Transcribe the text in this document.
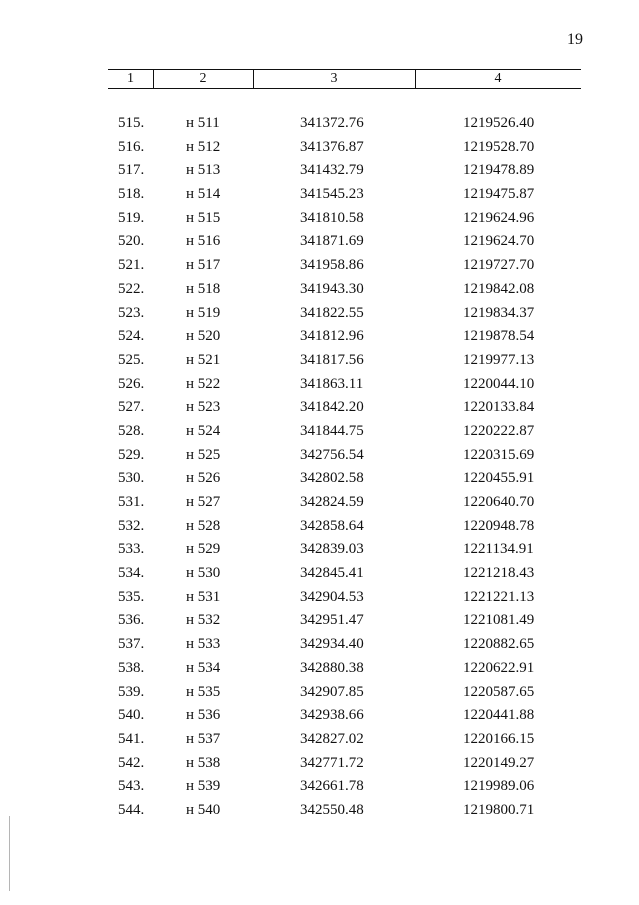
19
1	2	3	4
515.	н 511	341372.76	1219526.40
516.	н 512	341376.87	1219528.70
517.	н 513	341432.79	1219478.89
518.	н 514	341545.23	1219475.87
519.	н 515	341810.58	1219624.96
520.	н 516	341871.69	1219624.70
521.	н 517	341958.86	1219727.70
522.	н 518	341943.30	1219842.08
523.	н 519	341822.55	1219834.37
524.	н 520	341812.96	1219878.54
525.	н 521	341817.56	1219977.13
526.	н 522	341863.11	1220044.10
527.	н 523	341842.20	1220133.84
528.	н 524	341844.75	1220222.87
529.	н 525	342756.54	1220315.69
530.	н 526	342802.58	1220455.91
531.	н 527	342824.59	1220640.70
532.	н 528	342858.64	1220948.78
533.	н 529	342839.03	1221134.91
534.	н 530	342845.41	1221218.43
535.	н 531	342904.53	1221221.13
536.	н 532	342951.47	1221081.49
537.	н 533	342934.40	1220882.65
538.	н 534	342880.38	1220622.91
539.	н 535	342907.85	1220587.65
540.	н 536	342938.66	1220441.88
541.	н 537	342827.02	1220166.15
542.	н 538	342771.72	1220149.27
543.	н 539	342661.78	1219989.06
544.	н 540	342550.48	1219800.71
